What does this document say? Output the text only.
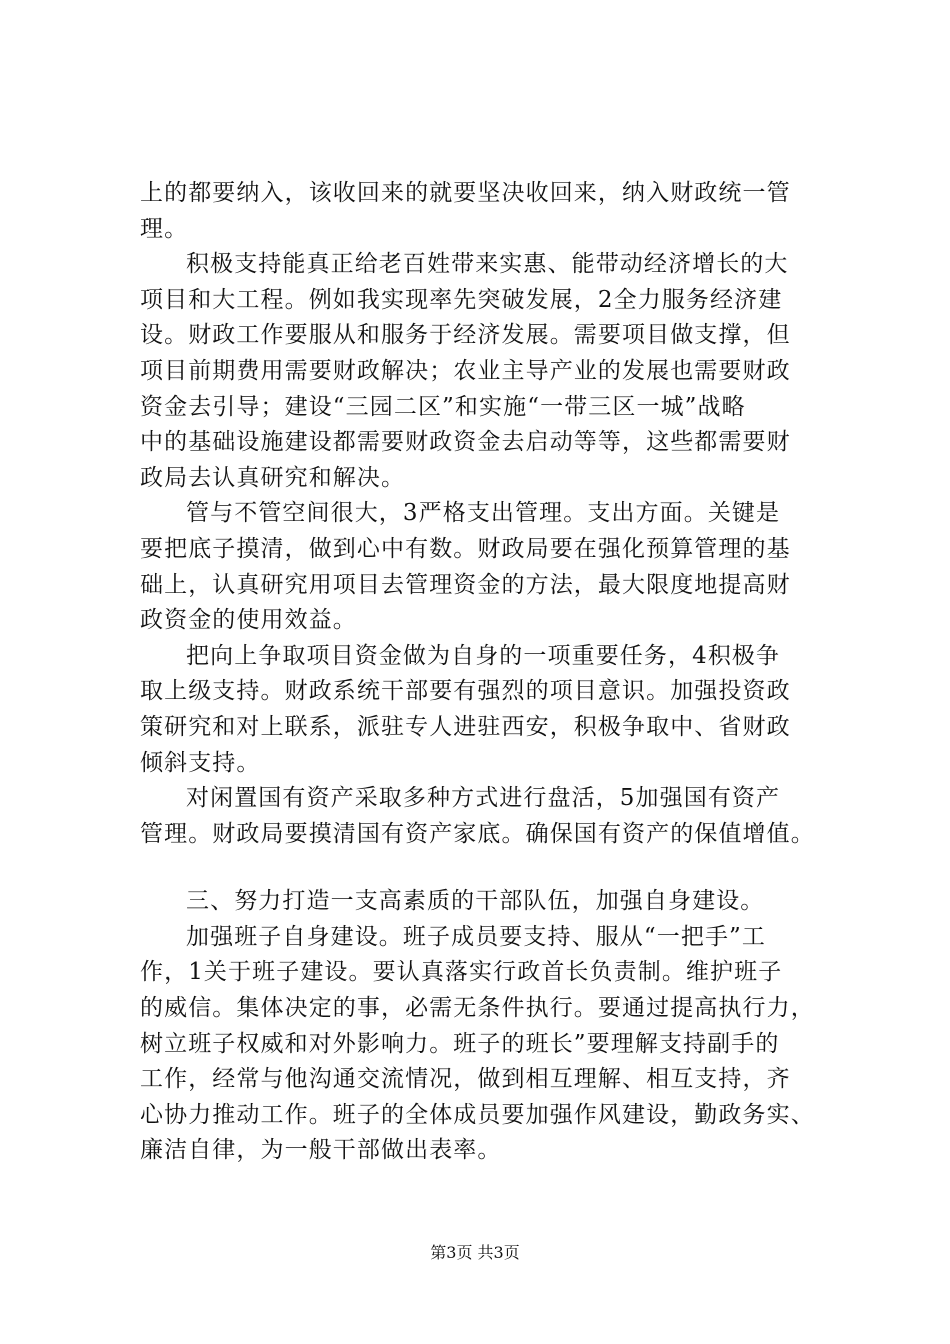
上的都要纳入，该收回来的就要坚决收回来，纳入财政统一管
理。
积极支持能真正给老百姓带来实惠、能带动经济增长的大
项目和大工程。例如我实现率先突破发展，2全力服务经济建
设。财政工作要服从和服务于经济发展。需要项目做支撑，但
项目前期费用需要财政解决；农业主导产业的发展也需要财政
资金去引导；建设“三园二区”和实施“一带三区一城”战略
中的基础设施建设都需要财政资金去启动等等，这些都需要财
政局去认真研究和解决。
管与不管空间很大，3严格支出管理。支出方面。关键是
要把底子摸清，做到心中有数。财政局要在强化预算管理的基
础上，认真研究用项目去管理资金的方法，最大限度地提高财
政资金的使用效益。
把向上争取项目资金做为自身的一项重要任务，4积极争
取上级支持。财政系统干部要有强烈的项目意识。加强投资政
策研究和对上联系，派驻专人进驻西安，积极争取中、省财政
倾斜支持。
对闲置国有资产采取多种方式进行盘活，5加强国有资产
管理。财政局要摸清国有资产家底。确保国有资产的保值增值。
三、努力打造一支高素质的干部队伍，加强自身建设。
加强班子自身建设。班子成员要支持、服从“一把手”工
作，1关于班子建设。要认真落实行政首长负责制。维护班子
的威信。集体决定的事，必需无条件执行。要通过提高执行力，
树立班子权威和对外影响力。班子的班长”要理解支持副手的
工作，经常与他沟通交流情况，做到相互理解、相互支持，齐
心协力推动工作。班子的全体成员要加强作风建设，勤政务实、
廉洁自律，为一般干部做出表率。
第3页 共3页
